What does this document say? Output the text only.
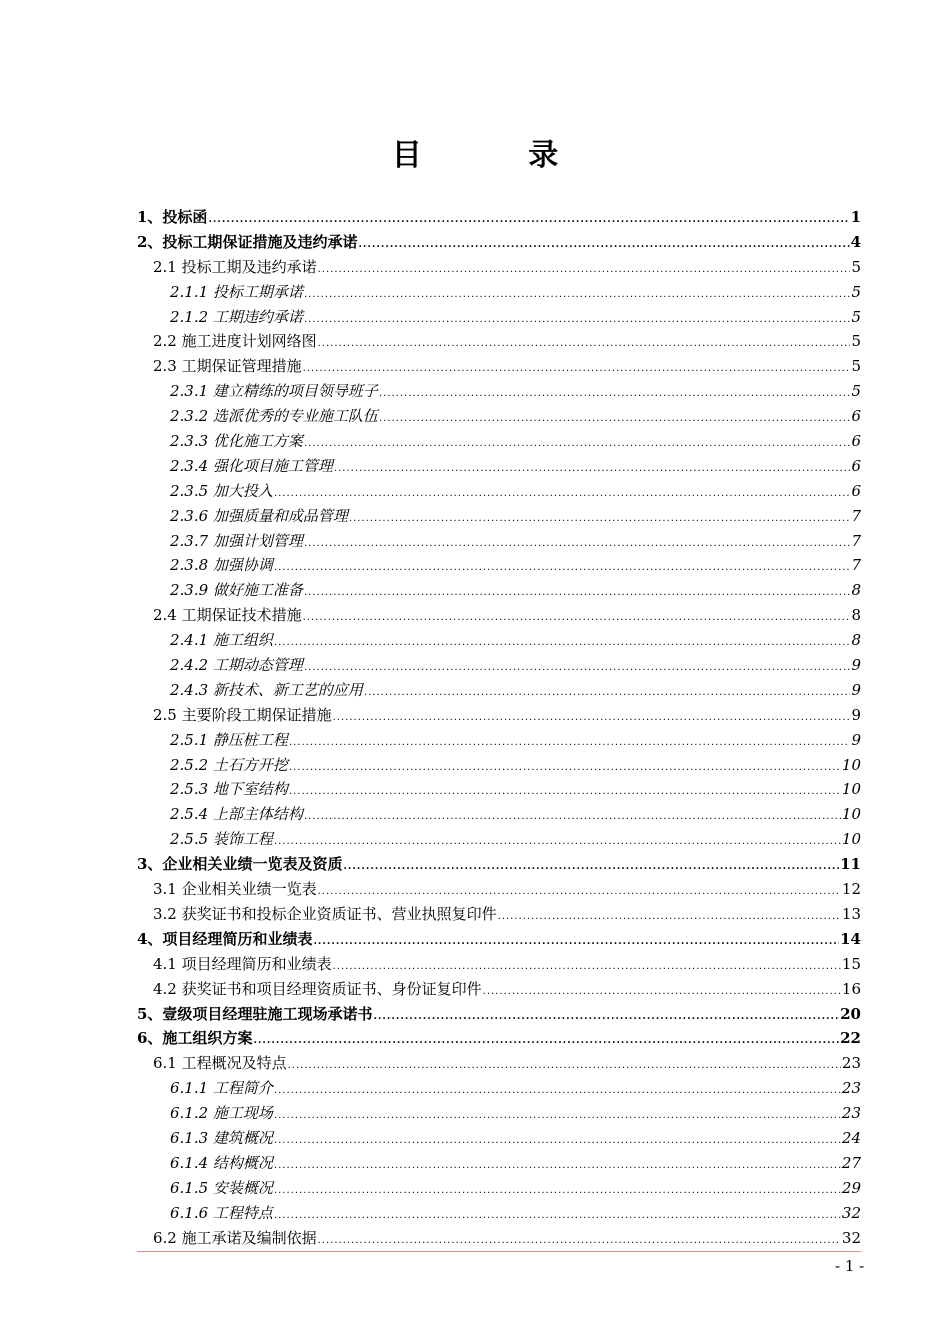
目 录
1、投标函 .....	1
2、投标工期保证措施及违约承诺 .....	4
2.1 投标工期及违约承诺 .....	5
2.1.1 投标工期承诺 .....	5
2.1.2 工期违约承诺 .....	5
2.2 施工进度计划网络图 .....	5
2.3 工期保证管理措施 .....	5
2.3.1 建立精练的项目领导班子 .....	5
2.3.2 选派优秀的专业施工队伍 .....	6
2.3.3 优化施工方案 .....	6
2.3.4 强化项目施工管理 .....	6
2.3.5 加大投入 .....	6
2.3.6 加强质量和成品管理 .....	7
2.3.7 加强计划管理 .....	7
2.3.8 加强协调 .....	7
2.3.9 做好施工准备 .....	8
2.4 工期保证技术措施 .....	8
2.4.1 施工组织 .....	8
2.4.2 工期动态管理 .....	9
2.4.3 新技术、新工艺的应用 .....	9
2.5 主要阶段工期保证措施 .....	9
2.5.1 静压桩工程 .....	9
2.5.2 土石方开挖 .....	10
2.5.3 地下室结构 .....	10
2.5.4 上部主体结构 .....	10
2.5.5 装饰工程 .....	10
3、企业相关业绩一览表及资质 .....	11
3.1 企业相关业绩一览表 .....	12
3.2 获奖证书和投标企业资质证书、营业执照复印件 .....	13
4、项目经理简历和业绩表 .....	14
4.1 项目经理简历和业绩表 .....	15
4.2 获奖证书和项目经理资质证书、身份证复印件 .....	16
5、壹级项目经理驻施工现场承诺书 .....	20
6、施工组织方案 .....	22
6.1 工程概况及特点 .....	23
6.1.1 工程简介 .....	23
6.1.2 施工现场 .....	23
6.1.3 建筑概况 .....	24
6.1.4 结构概况 .....	27
6.1.5 安装概况 .....	29
6.1.6 工程特点 .....	32
6.2 施工承诺及编制依据 .....	32
- 1 -
